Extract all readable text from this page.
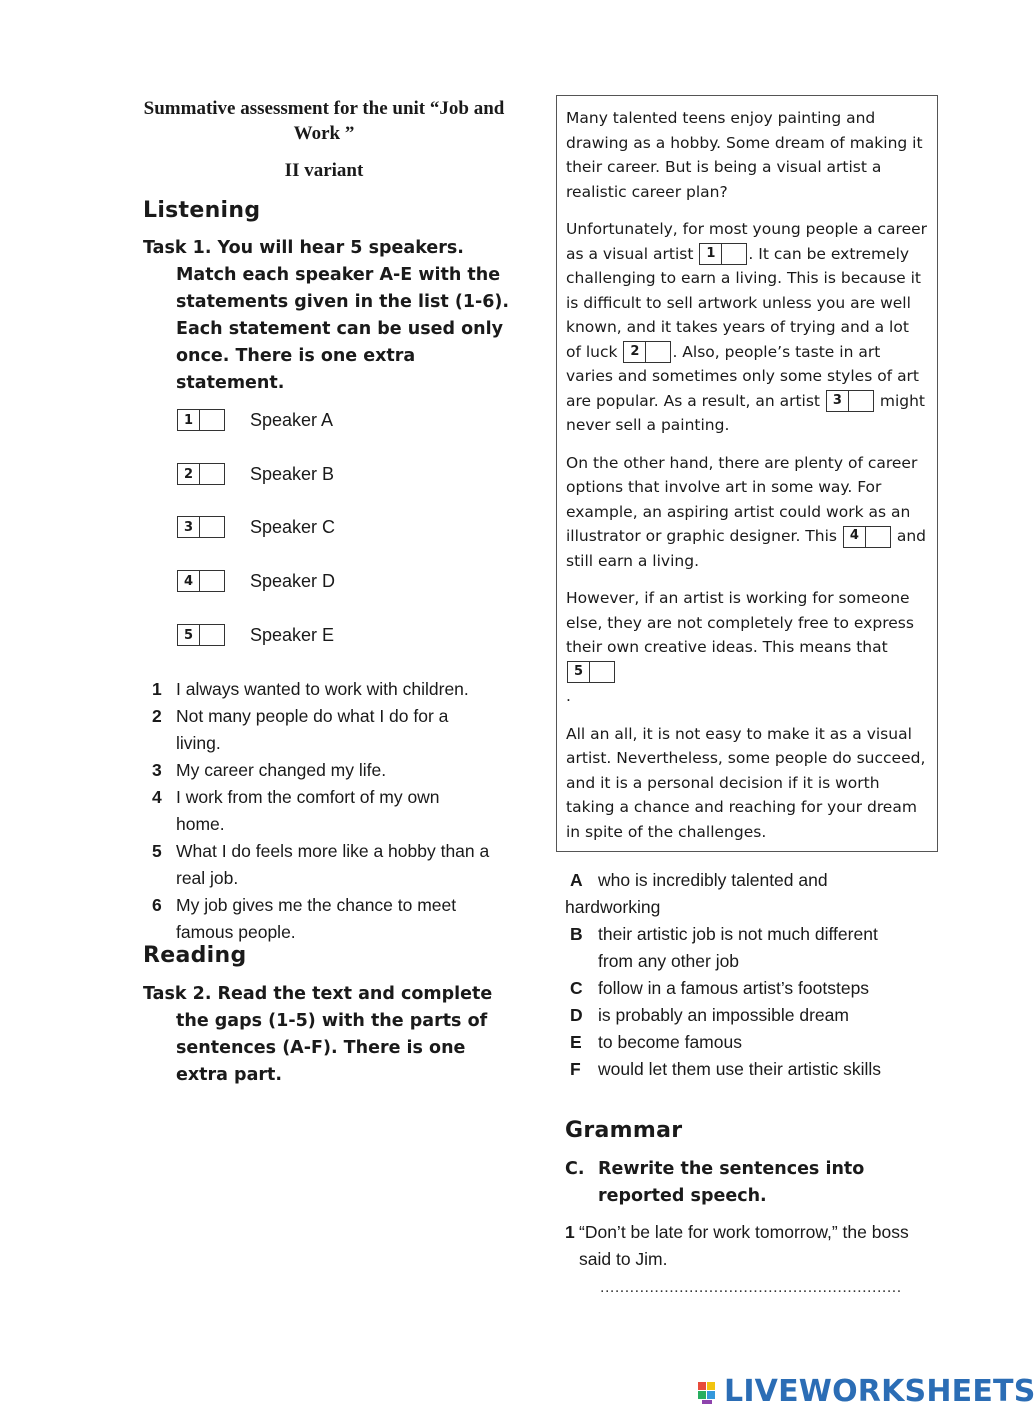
Summative assessment for the unit “Job and Work ”
II variant
Listening
Task 1. You will hear 5 speakers.
Match each speaker A-E with the statements given in the list (1-6). Each statement can be used only once. There is one extra statement.
1	Speaker A
2	Speaker B
3	Speaker C
4	Speaker D
5	Speaker E
1 I always wanted to work with children.
2 Not many people do what I do for a living.
3 My career changed my life.
4 I work from the comfort of my own home.
5 What I do feels more like a hobby than a real job.
6 My job gives me the chance to meet famous people.
Reading
Task 2. Read the text and complete
the gaps (1-5) with the parts of sentences (A-F). There is one extra part.

Many talented teens enjoy painting and drawing as a hobby. Some dream of making it their career. But is being a visual artist a realistic career plan?

Unfortunately, for most young people a career as a visual artist 1	. It can be extremely challenging to earn a living. This is because it is difficult to sell artwork unless you are well known, and it takes years of trying and a lot of luck 2	. Also, people’s taste in art varies and sometimes only some styles of art are popular. As a result, an artist 3	might never sell a painting.

On the other hand, there are plenty of career options that involve art in some way. For example, an aspiring artist could work as an illustrator or graphic designer. This 4	and still earn a living.

However, if an artist is working for someone else, they are not completely free to express their own creative ideas. This means that
5

.

All an all, it is not easy to make it as a visual artist. Nevertheless, some people do succeed, and it is a personal decision if it is worth taking a chance and reaching for your dream in spite of the challenges.

A who is incredibly talented and hardworking
B their artistic job is not much different from any other job
C follow in a famous artist’s footsteps
D is probably an impossible dream
E to become famous
F would let them use their artistic skills
Grammar
C. Rewrite the sentences into reported speech.
1 “Don’t be late for work tomorrow,” the boss said to Jim.
.............................................................
LIVEWORKSHEETS
